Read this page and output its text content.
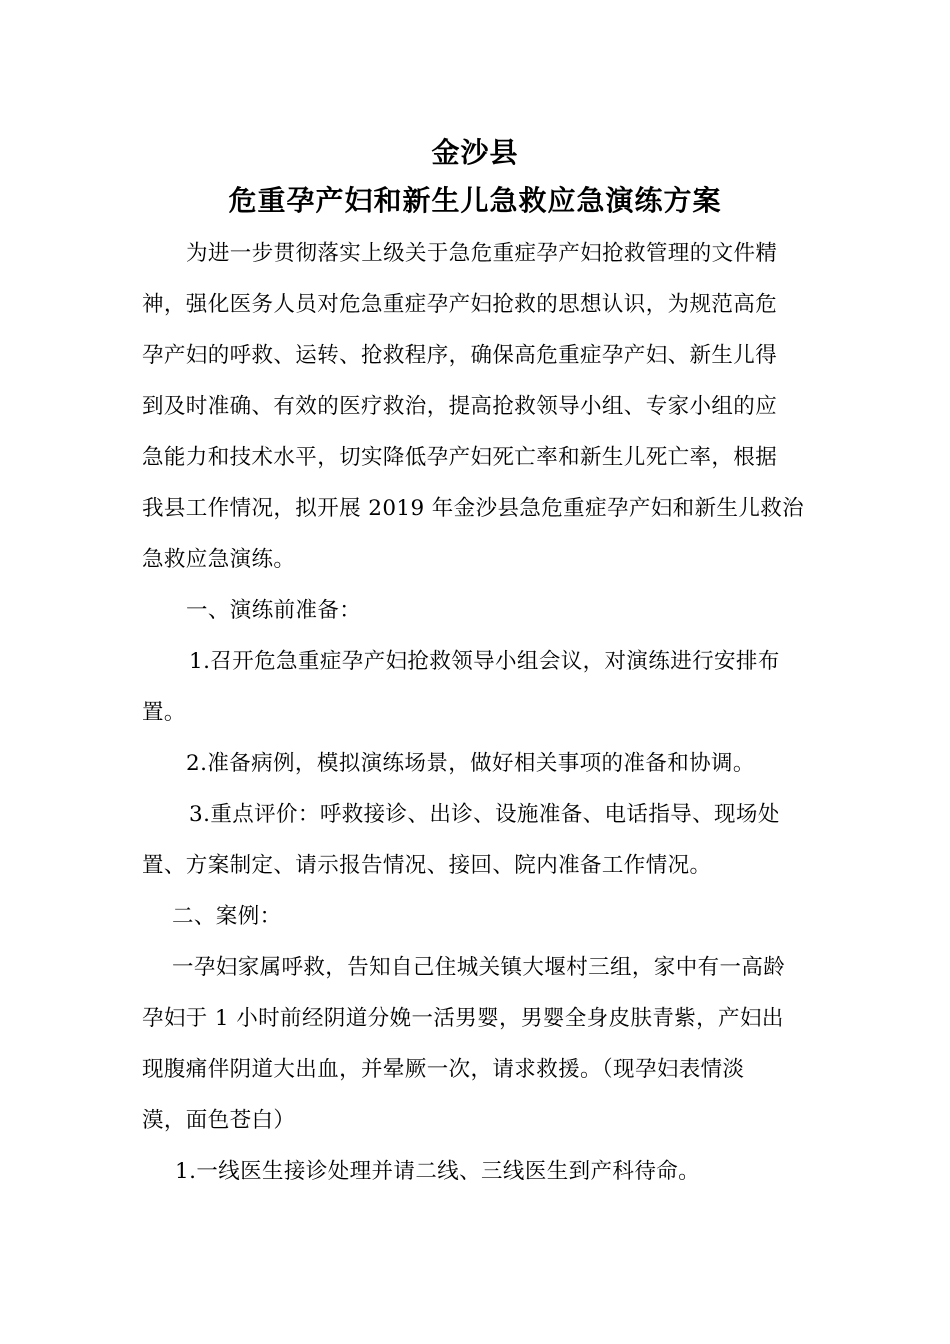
金沙县
危重孕产妇和新生儿急救应急演练方案
为进一步贯彻落实上级关于急危重症孕产妇抢救管理的文件精
神，强化医务人员对危急重症孕产妇抢救的思想认识，为规范高危
孕产妇的呼救、运转、抢救程序，确保高危重症孕产妇、新生儿得
到及时准确、有效的医疗救治，提高抢救领导小组、专家小组的应
急能力和技术水平，切实降低孕产妇死亡率和新生儿死亡率，根据
我县工作情况，拟开展 2019 年金沙县急危重症孕产妇和新生儿救治
急救应急演练。
一、演练前准备：
1.召开危急重症孕产妇抢救领导小组会议，对演练进行安排布
置。
2.准备病例，模拟演练场景，做好相关事项的准备和协调。
3.重点评价：呼救接诊、出诊、设施准备、电话指导、现场处
置、方案制定、请示报告情况、接回、院内准备工作情况。
二、案例：
一孕妇家属呼救，告知自己住城关镇大堰村三组，家中有一高龄
孕妇于 1 小时前经阴道分娩一活男婴，男婴全身皮肤青紫，产妇出
现腹痛伴阴道大出血，并晕厥一次，请求救援。（现孕妇表情淡
漠，面色苍白）
1.一线医生接诊处理并请二线、三线医生到产科待命。
